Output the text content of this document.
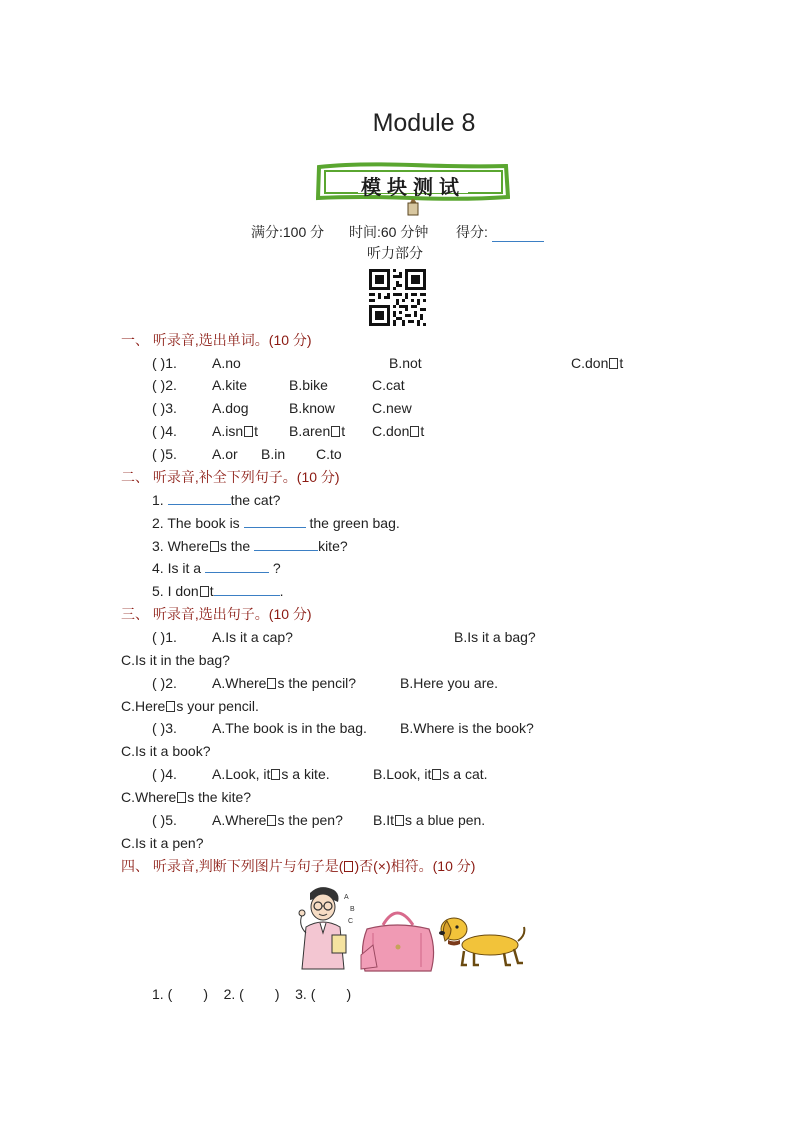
Module 8
模块测试
满分:100 分 时间:60 分钟 得分:
听力部分
一、 听录音,选出单词。(10 分)
( )1.	A.no	B.not	C.don t
( )2.	A.kite	B.bike	C.cat
( )3.	A.dog	B.know	C.new
( )4.	A.isn t B.aren t C.don t
( )5.	A.or B.in C.to
二、 听录音,补全下列句子。(10 分)
1.	the cat?
2. The book is	the green bag.
3. Where s the	kite?
4. Is it a	?
5. I don t	.
三、 听录音,选出句子。(10 分)
( )1.	A.Is it a cap?	B.Is it a bag?
C.Is it in the bag?
( )2.	A.Where s the pencil?	B.Here you are.
C.Here s your pencil.
( )3.	A.The book is in the bag. B.Where is the book?
C.Is it a book?
( )4.	A.Look, it s a kite.	B.Look, it s a cat.
C.Where s the kite?
( )5.	A.Where s the pen? B.It s a blue pen.
C.Is it a pen?
四、 听录音,判断下列图片与句子是( )否(×)相符。(10 分)
A
B
C
1. (        )    2. (        )    3. (        )
